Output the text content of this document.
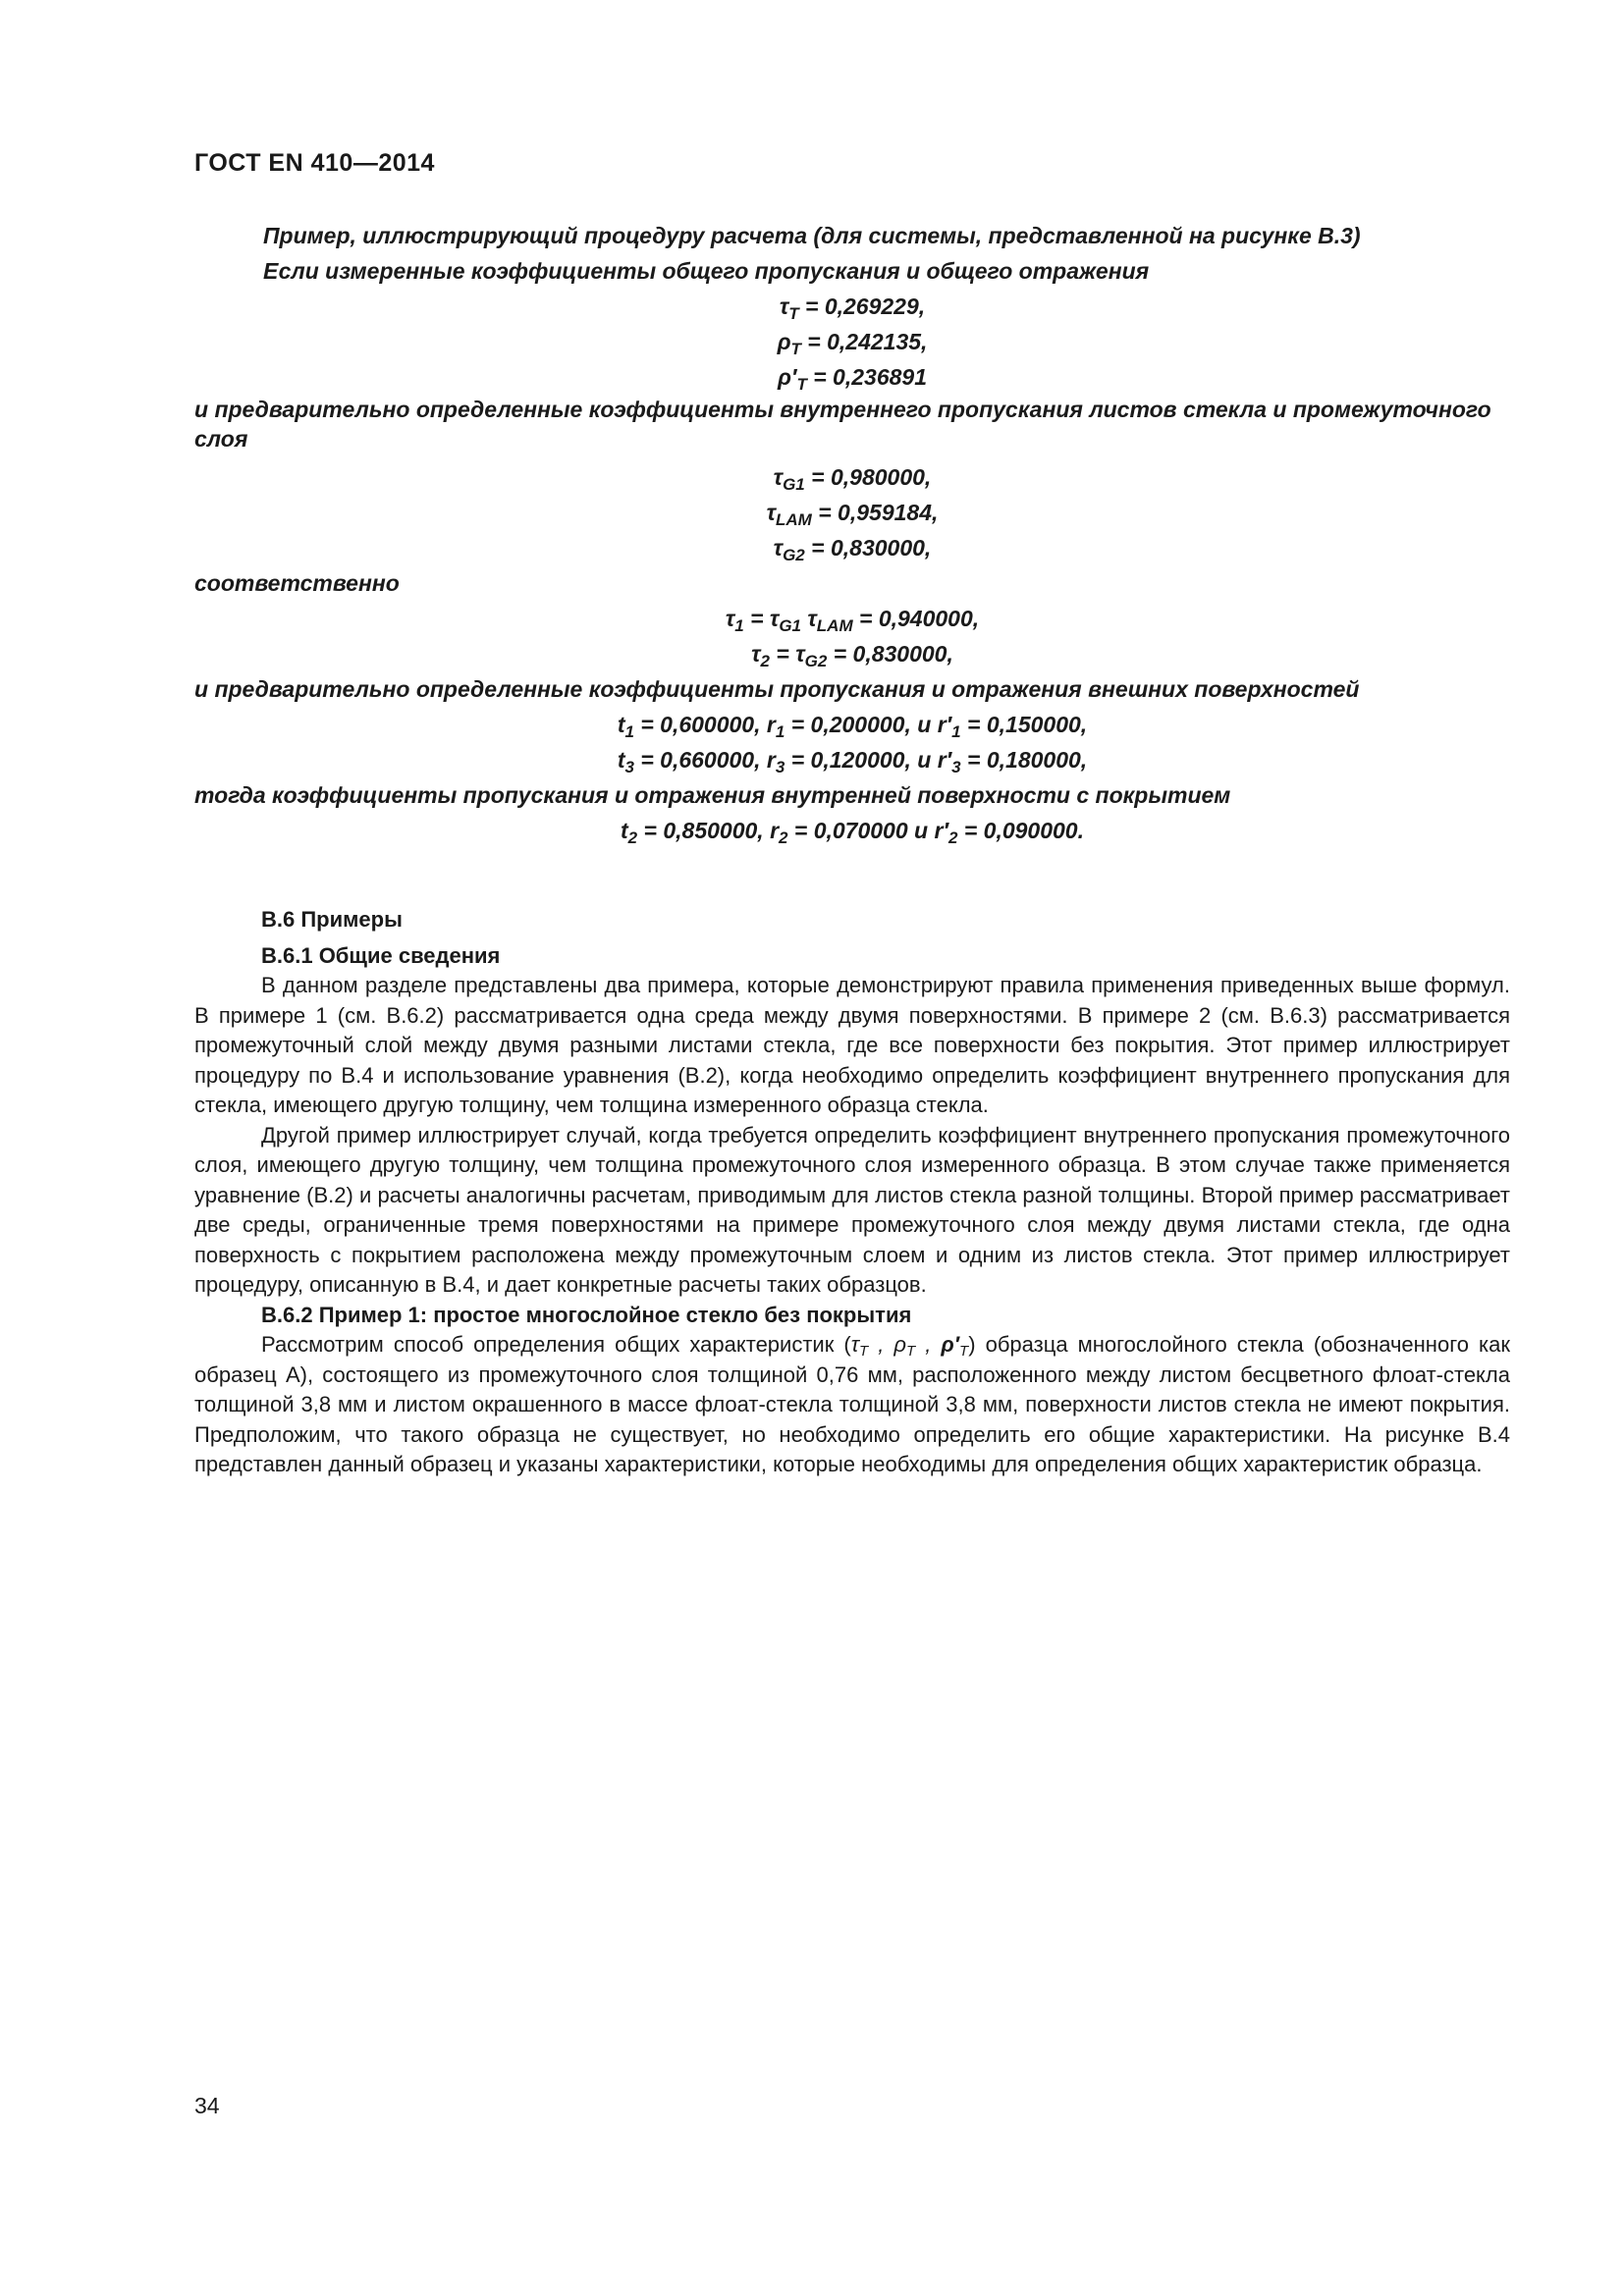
ГОСТ EN 410—2014
Пример, иллюстрирующий процедуру расчета (для системы, представленной на рисунке В.3)
Если измеренные коэффициенты общего пропускания и общего отражения
$\tau_T = 0,269229$,
$\rho_T = 0,242135$,
$\rho'_T = 0,236891$
и предварительно определенные коэффициенты внутреннего пропускания листов стекла и промежуточного слоя
$\tau_{G1} = 0,980000$,
$\tau_{LAM} = 0,959184$,
$\tau_{G2} = 0,830000$,
соответственно
$\tau_1 = \tau_{G1}$ $\tau_{LAM} = 0,940000$,
$\tau_2 = \tau_{G2} = 0,830000$,
и предварительно определенные коэффициенты пропускания и отражения внешних поверхностей
$t_1 = 0,600000$, $r_1 = 0,200000$, и $r'_1 = 0,150000$,
$t_3 = 0,660000$, $r_3 = 0,120000$, и $r'_3 = 0,180000$,
тогда коэффициенты пропускания и отражения внутренней поверхности с покрытием
$t_2 = 0,850000$, $r_2 = 0,070000$ и $r'_2 = 0,090000$.
В.6 Примеры
В.6.1 Общие сведения

В данном разделе представлены два примера, которые демонстрируют правила применения приведенных выше формул. В примере 1 (см. В.6.2) рассматривается одна среда между двумя поверхностями. В примере 2 (см. В.6.3) рассматривается промежуточный слой между двумя разными листами стекла, где все поверхности без покрытия. Этот пример иллюстрирует процедуру по В.4 и использование уравнения (В.2), когда необходимо определить коэффициент внутреннего пропускания для стекла, имеющего другую толщину, чем толщина измеренного образца стекла.

Другой пример иллюстрирует случай, когда требуется определить коэффициент внутреннего пропускания промежуточного слоя, имеющего другую толщину, чем толщина промежуточного слоя измеренного образца. В этом случае также применяется уравнение (В.2) и расчеты аналогичны расчетам, приводимым для листов стекла разной толщины. Второй пример рассматривает две среды, ограниченные тремя поверхностями на примере промежуточного слоя между двумя листами стекла, где одна поверхность с покрытием расположена между промежуточным слоем и одним из листов стекла. Этот пример иллюстрирует процедуру, описанную в В.4, и дает конкретные расчеты таких образцов.

В.6.2 Пример 1: простое многослойное стекло без покрытия

Рассмотрим способ определения общих характеристик ($\tau_T$ , $\rho_T$ , $\rho'_T$) образца многослойного стекла (обозначенного как образец А), состоящего из промежуточного слоя толщиной 0,76 мм, расположенного между листом бесцветного флоат-стекла толщиной 3,8 мм и листом окрашенного в массе флоат-стекла толщиной 3,8 мм, поверхности листов стекла не имеют покрытия. Предположим, что такого образца не существует, но необходимо определить его общие характеристики. На рисунке В.4 представлен данный образец и указаны характеристики, которые необходимы для определения общих характеристик образца.

34
